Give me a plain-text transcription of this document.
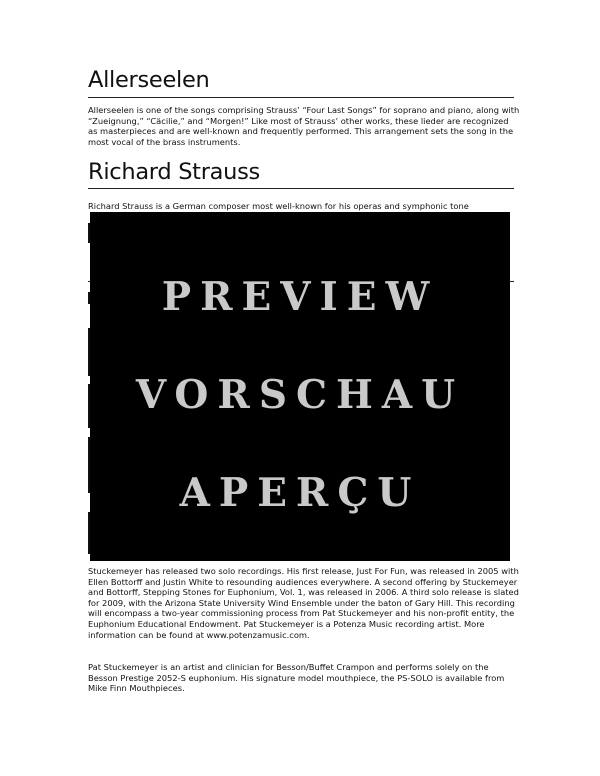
Allerseelen

Allerseelen is one of the songs comprising Strauss’ “Four Last Songs” for soprano and piano, along with “Zueignung,” “Cäcilie,” and “Morgen!” Like most of Strauss’ other works, these lieder are recognized as masterpieces and are well-known and frequently performed. This arrangement sets the song in the most vocal of the brass instruments.

Richard Strauss

Richard Strauss is a German composer most well-known for his operas and symphonic tone

PREVIEW
VORSCHAU
APERÇU

Stuckemeyer has released two solo recordings. His first release, Just For Fun, was released in 2005 with Ellen Bottorff and Justin White to resounding audiences everywhere. A second offering by Stuckemeyer and Bottorff, Stepping Stones for Euphonium, Vol. 1, was released in 2006. A third solo release is slated for 2009, with the Arizona State University Wind Ensemble under the baton of Gary Hill. This recording will encompass a two-year commissioning process from Pat Stuckemeyer and his non-profit entity, the Euphonium Educational Endowment. Pat Stuckemeyer is a Potenza Music recording artist. More information can be found at www.potenzamusic.com.

Pat Stuckemeyer is an artist and clinician for Besson/Buffet Crampon and performs solely on the Besson Prestige 2052-S euphonium. His signature model mouthpiece, the PS-SOLO is available from Mike Finn Mouthpieces.
